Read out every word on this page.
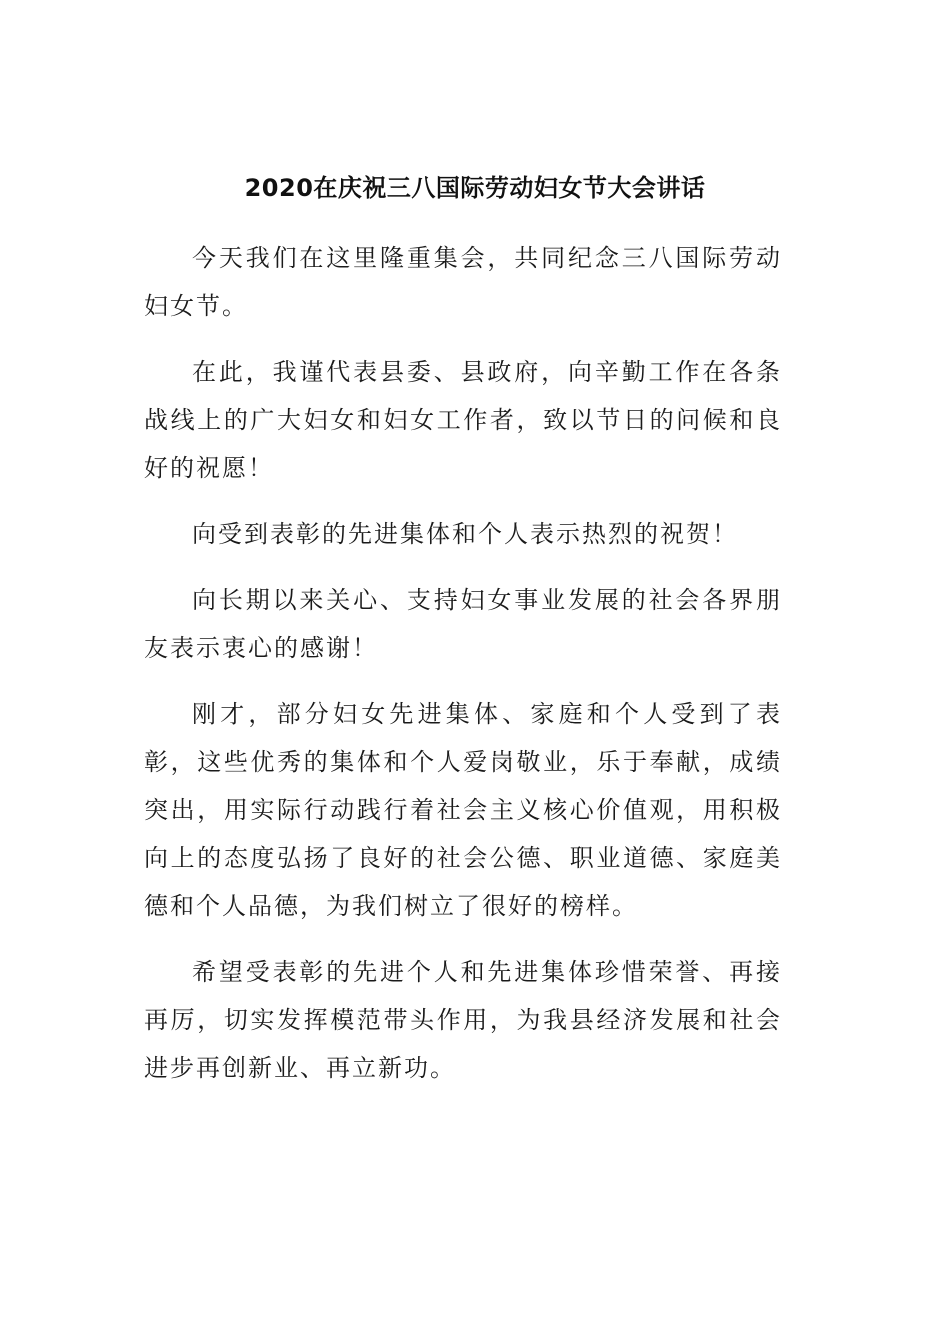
2020在庆祝三八国际劳动妇女节大会讲话

今天我们在这里隆重集会，共同纪念三八国际劳动妇女节。

在此，我谨代表县委、县政府，向辛勤工作在各条战线上的广大妇女和妇女工作者，致以节日的问候和良好的祝愿！

向受到表彰的先进集体和个人表示热烈的祝贺！

向长期以来关心、支持妇女事业发展的社会各界朋友表示衷心的感谢！

刚才，部分妇女先进集体、家庭和个人受到了表彰，这些优秀的集体和个人爱岗敬业，乐于奉献，成绩突出，用实际行动践行着社会主义核心价值观，用积极向上的态度弘扬了良好的社会公德、职业道德、家庭美德和个人品德，为我们树立了很好的榜样。

希望受表彰的先进个人和先进集体珍惜荣誉、再接再厉，切实发挥模范带头作用，为我县经济发展和社会进步再创新业、再立新功。
